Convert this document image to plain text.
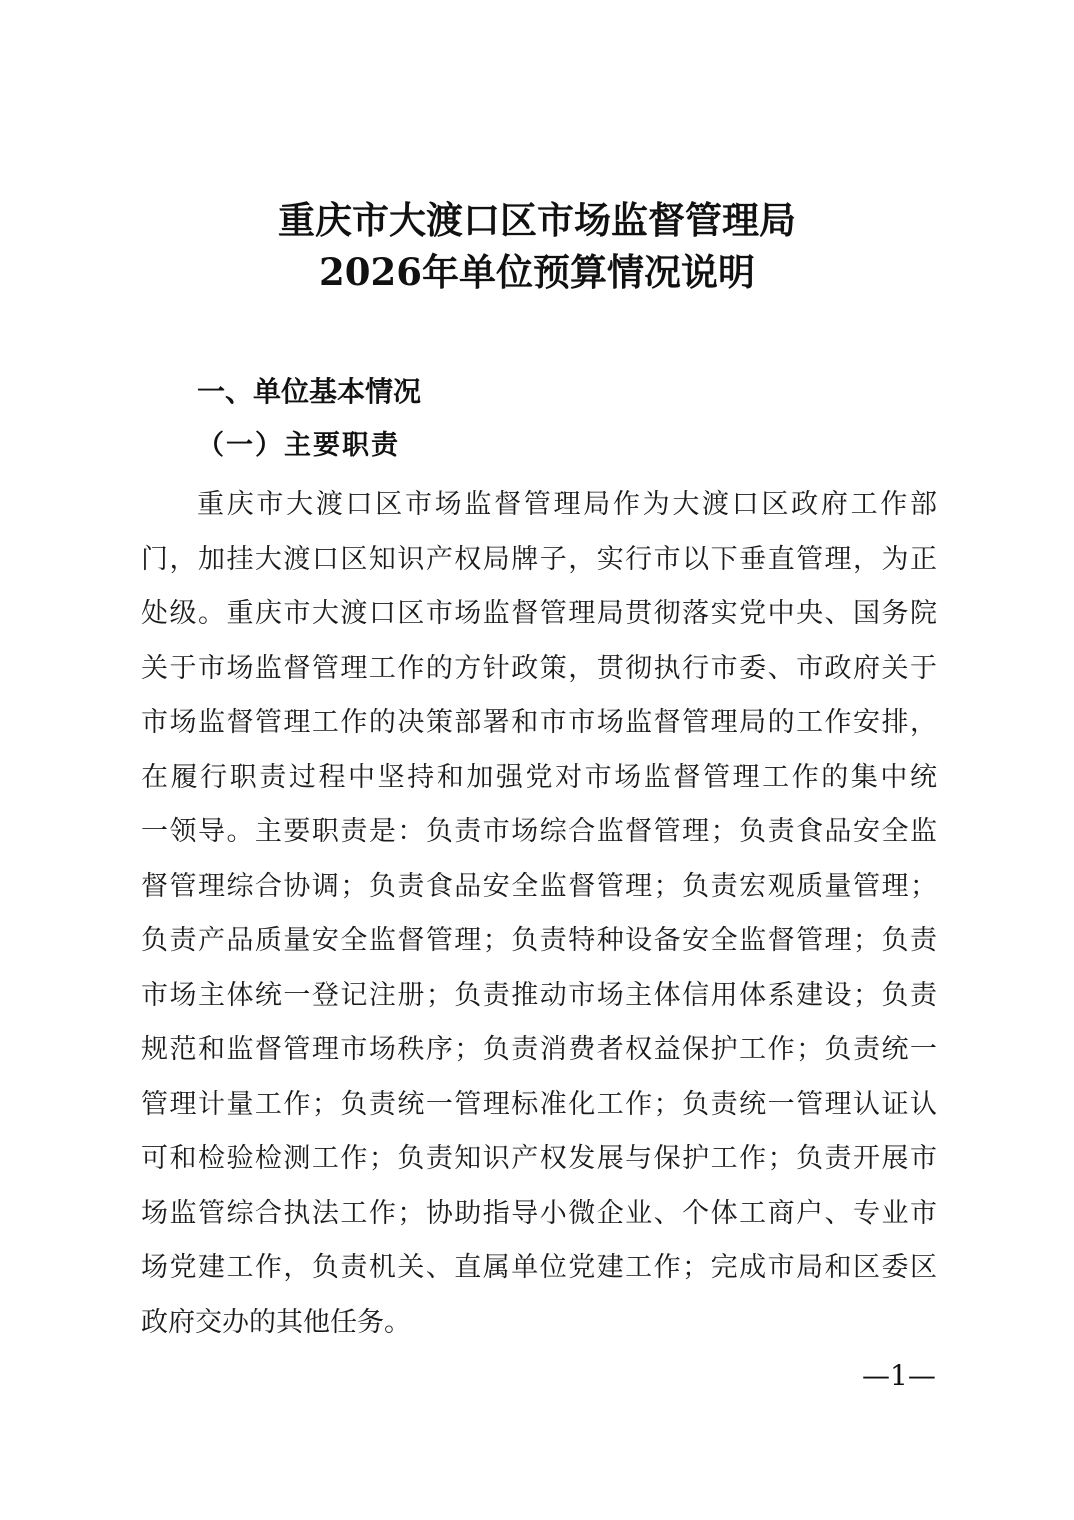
重庆市大渡口区市场监督管理局
2026年单位预算情况说明
一、单位基本情况
（一）主要职责
重庆市大渡口区市场监督管理局作为大渡口区政府工作部
门，加挂大渡口区知识产权局牌子，实行市以下垂直管理，为正
处级。重庆市大渡口区市场监督管理局贯彻落实党中央、国务院
关于市场监督管理工作的方针政策，贯彻执行市委、市政府关于
市场监督管理工作的决策部署和市市场监督管理局的工作安排，
在履行职责过程中坚持和加强党对市场监督管理工作的集中统
一领导。主要职责是：负责市场综合监督管理；负责食品安全监
督管理综合协调；负责食品安全监督管理；负责宏观质量管理；
负责产品质量安全监督管理；负责特种设备安全监督管理；负责
市场主体统一登记注册；负责推动市场主体信用体系建设；负责
规范和监督管理市场秩序；负责消费者权益保护工作；负责统一
管理计量工作；负责统一管理标准化工作；负责统一管理认证认
可和检验检测工作；负责知识产权发展与保护工作；负责开展市
场监管综合执法工作；协助指导小微企业、个体工商户、专业市
场党建工作，负责机关、直属单位党建工作；完成市局和区委区
政府交办的其他任务。
—1—
